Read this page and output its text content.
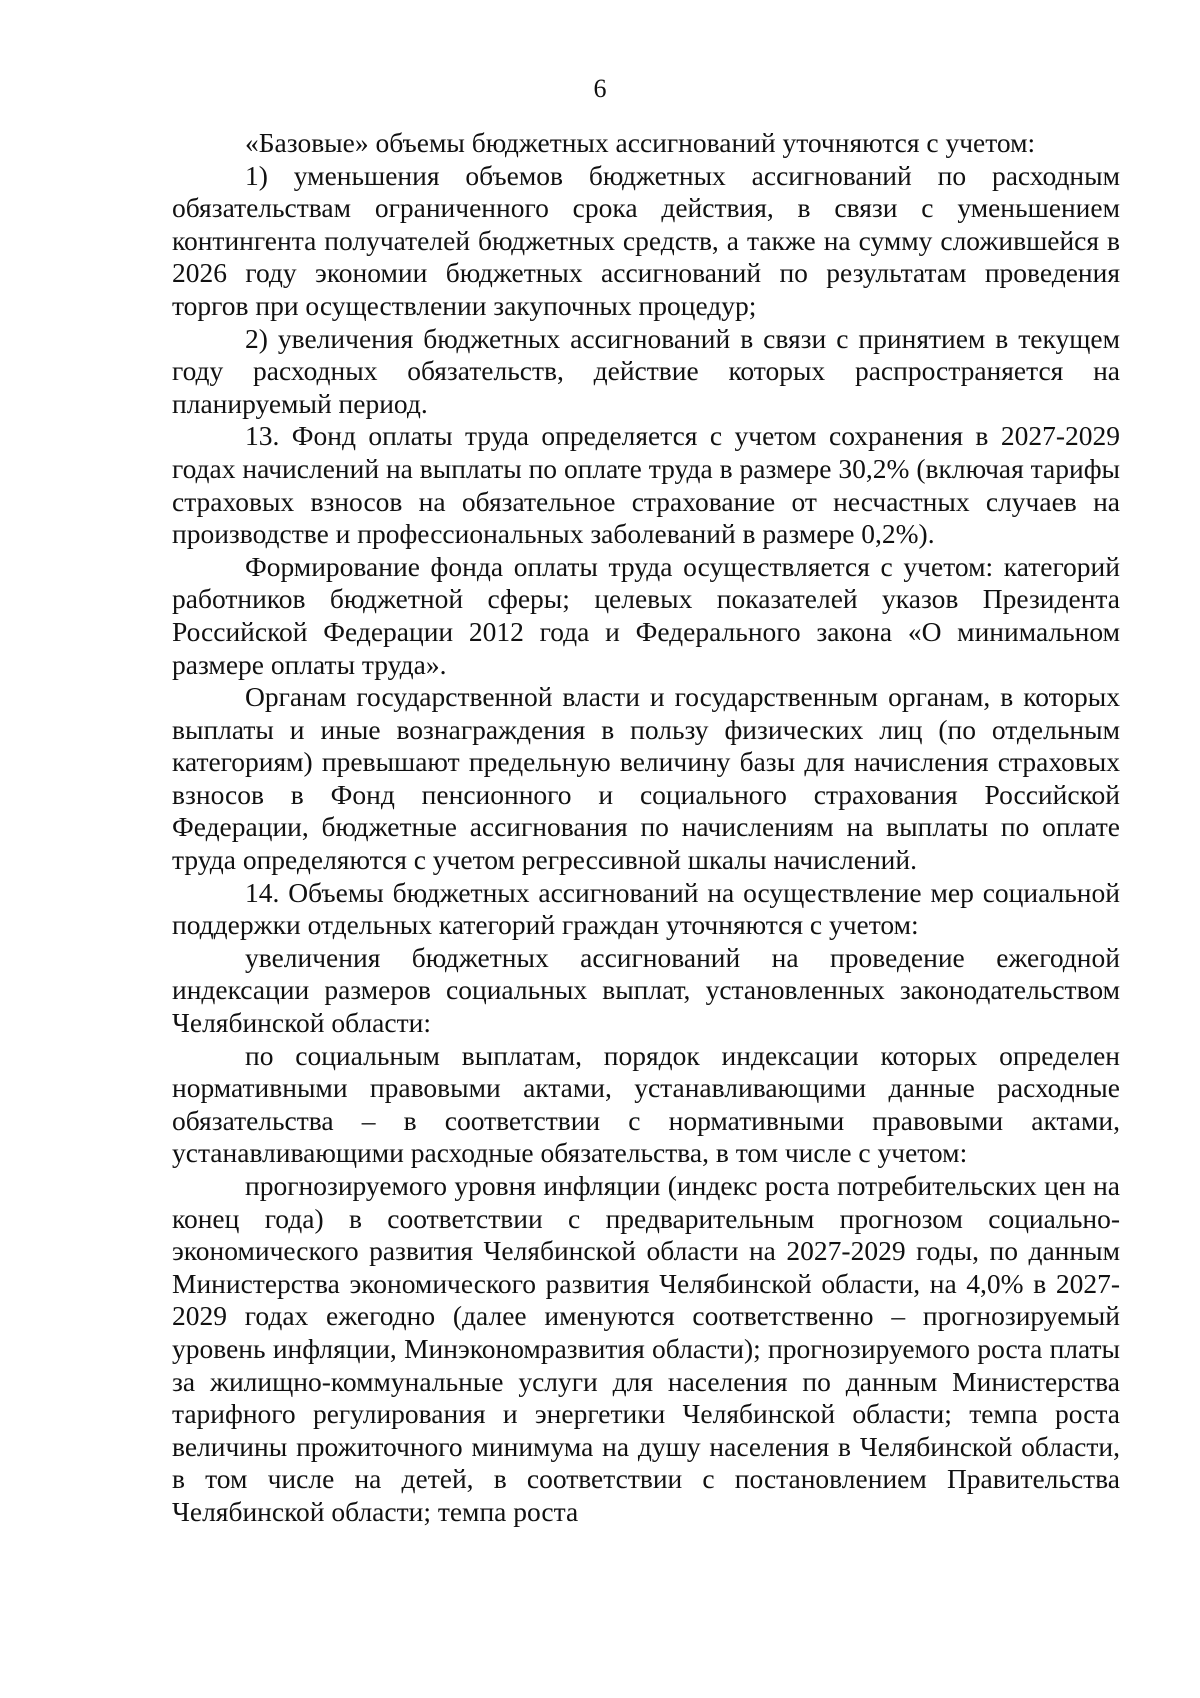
6

«Базовые» объемы бюджетных ассигнований уточняются с учетом:

1) уменьшения объемов бюджетных ассигнований по расходным обязательствам ограниченного срока действия, в связи с уменьшением контингента получателей бюджетных средств, а также на сумму сложившейся в 2026 году экономии бюджетных ассигнований по результатам проведения торгов при осуществлении закупочных процедур;

2) увеличения бюджетных ассигнований в связи с принятием в текущем году расходных обязательств, действие которых распространяется на планируемый период.

13. Фонд оплаты труда определяется с учетом сохранения в 2027-2029 годах начислений на выплаты по оплате труда в размере 30,2% (включая тарифы страховых взносов на обязательное страхование от несчастных случаев на производстве и профессиональных заболеваний в размере 0,2%).

Формирование фонда оплаты труда осуществляется с учетом: категорий работников бюджетной сферы; целевых показателей указов Президента Российской Федерации 2012 года и Федерального закона «О минимальном размере оплаты труда».

Органам государственной власти и государственным органам, в которых выплаты и иные вознаграждения в пользу физических лиц (по отдельным категориям) превышают предельную величину базы для начисления страховых взносов в Фонд пенсионного и социального страхования Российской Федерации, бюджетные ассигнования по начислениям на выплаты по оплате труда определяются с учетом регрессивной шкалы начислений.

14. Объемы бюджетных ассигнований на осуществление мер социальной поддержки отдельных категорий граждан уточняются с учетом:

увеличения бюджетных ассигнований на проведение ежегодной индексации размеров социальных выплат, установленных законодательством Челябинской области:

по социальным выплатам, порядок индексации которых определен нормативными правовыми актами, устанавливающими данные расходные обязательства – в соответствии с нормативными правовыми актами, устанавливающими расходные обязательства, в том числе с учетом:

прогнозируемого уровня инфляции (индекс роста потребительских цен на конец года) в соответствии с предварительным прогнозом социально-экономического развития Челябинской области на 2027-2029 годы, по данным Министерства экономического развития Челябинской области, на 4,0% в 2027-2029 годах ежегодно (далее именуются соответственно – прогнозируемый уровень инфляции, Минэкономразвития области); прогнозируемого роста платы за жилищно-коммунальные услуги для населения по данным Министерства тарифного регулирования и энергетики Челябинской области; темпа роста величины прожиточного минимума на душу населения в Челябинской области, в том числе на детей, в соответствии с постановлением Правительства Челябинской области; темпа роста
